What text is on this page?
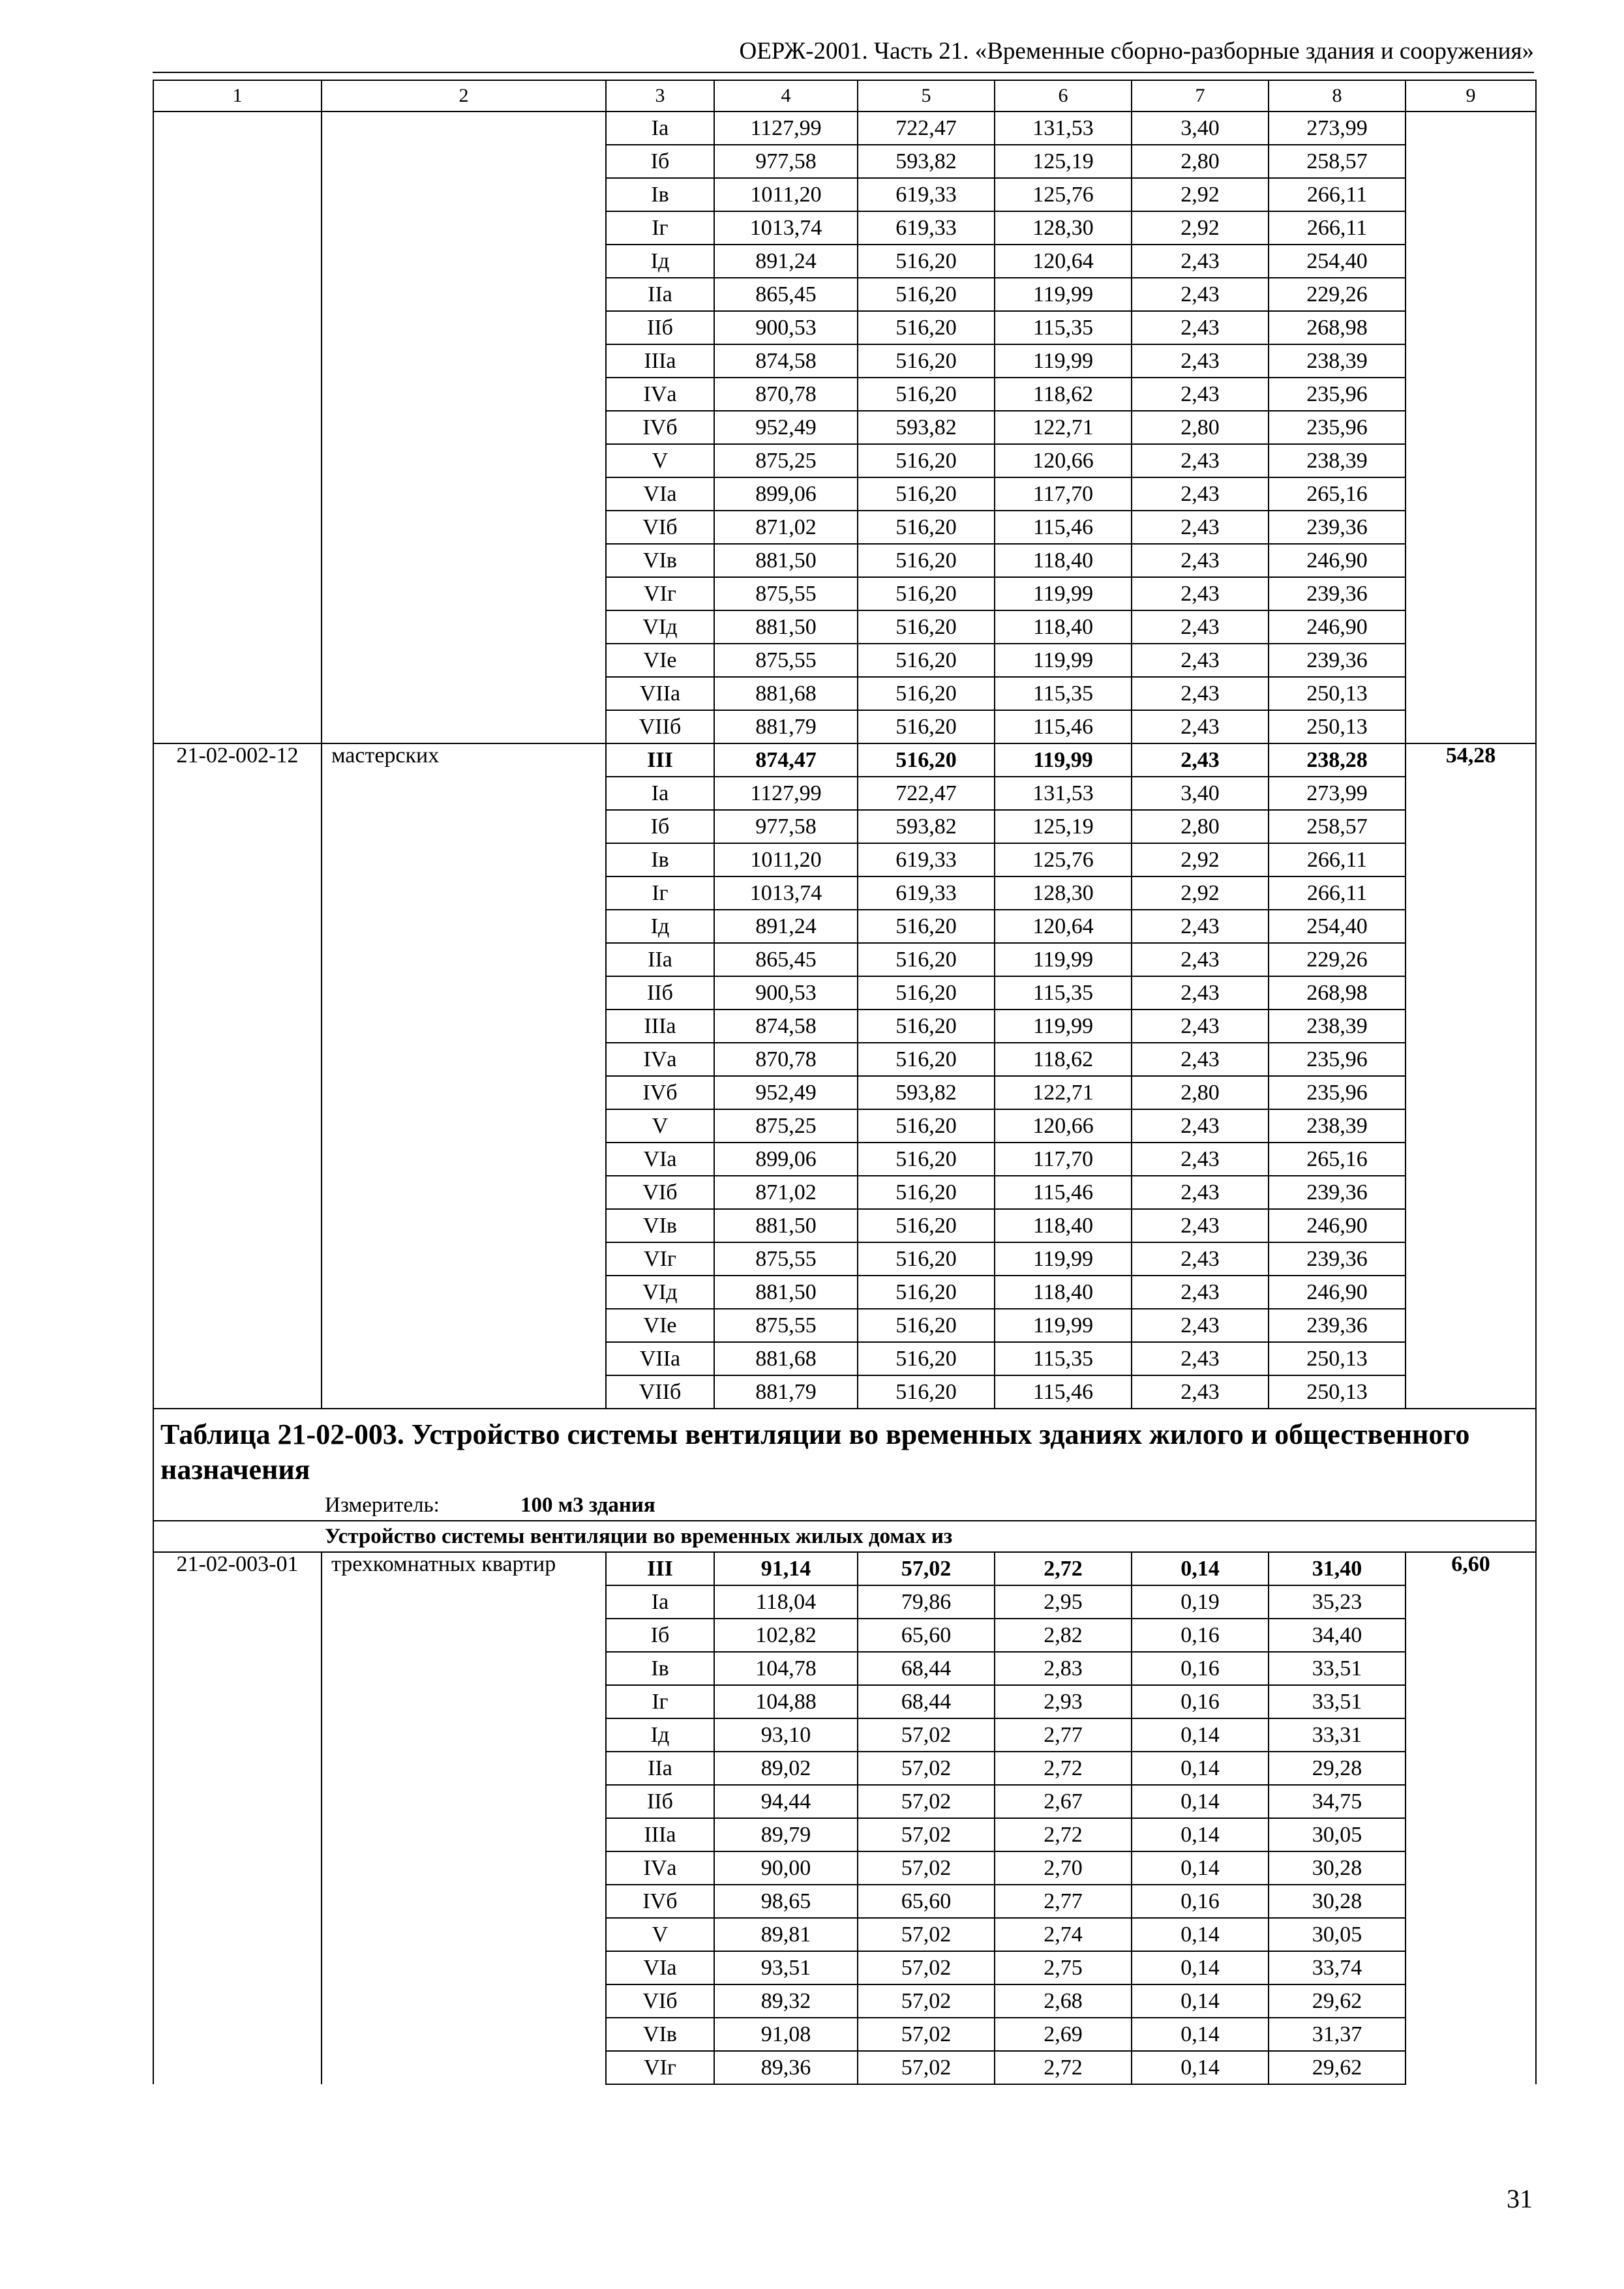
ОЕРЖ-2001. Часть 21. «Временные сборно-разборные здания и сооружения»
1	2	3	4	5	6	7	8	9
		Iа	1127,99	722,47	131,53	3,40	273,99	
		Iб	977,58	593,82	125,19	2,80	258,57	
		Iв	1011,20	619,33	125,76	2,92	266,11	
		Iг	1013,74	619,33	128,30	2,92	266,11	
		Iд	891,24	516,20	120,64	2,43	254,40	
		IIа	865,45	516,20	119,99	2,43	229,26	
		IIб	900,53	516,20	115,35	2,43	268,98	
		IIIа	874,58	516,20	119,99	2,43	238,39	
		IVа	870,78	516,20	118,62	2,43	235,96	
		IVб	952,49	593,82	122,71	2,80	235,96	
		V	875,25	516,20	120,66	2,43	238,39	
		VIа	899,06	516,20	117,70	2,43	265,16	
		VIб	871,02	516,20	115,46	2,43	239,36	
		VIв	881,50	516,20	118,40	2,43	246,90	
		VIг	875,55	516,20	119,99	2,43	239,36	
		VIд	881,50	516,20	118,40	2,43	246,90	
		VIе	875,55	516,20	119,99	2,43	239,36	
		VIIа	881,68	516,20	115,35	2,43	250,13	
		VIIб	881,79	516,20	115,46	2,43	250,13	
21-02-002-12	мастерских	III	874,47	516,20	119,99	2,43	238,28	54,28
		Iа	1127,99	722,47	131,53	3,40	273,99	
		Iб	977,58	593,82	125,19	2,80	258,57	
		Iв	1011,20	619,33	125,76	2,92	266,11	
		Iг	1013,74	619,33	128,30	2,92	266,11	
		Iд	891,24	516,20	120,64	2,43	254,40	
		IIа	865,45	516,20	119,99	2,43	229,26	
		IIб	900,53	516,20	115,35	2,43	268,98	
		IIIа	874,58	516,20	119,99	2,43	238,39	
		IVа	870,78	516,20	118,62	2,43	235,96	
		IVб	952,49	593,82	122,71	2,80	235,96	
		V	875,25	516,20	120,66	2,43	238,39	
		VIа	899,06	516,20	117,70	2,43	265,16	
		VIб	871,02	516,20	115,46	2,43	239,36	
		VIв	881,50	516,20	118,40	2,43	246,90	
		VIг	875,55	516,20	119,99	2,43	239,36	
		VIд	881,50	516,20	118,40	2,43	246,90	
		VIе	875,55	516,20	119,99	2,43	239,36	
		VIIа	881,68	516,20	115,35	2,43	250,13	
		VIIб	881,79	516,20	115,46	2,43	250,13	
Таблица 21-02-003. Устройство системы вентиляции во временных зданиях жилого и общественного назначения								
Измеритель: 100 м3 здания								
Устройство системы вентиляции во временных жилых домах из								
21-02-003-01	трехкомнатных квартир	III	91,14	57,02	2,72	0,14	31,40	6,60
		Iа	118,04	79,86	2,95	0,19	35,23	
		Iб	102,82	65,60	2,82	0,16	34,40	
		Iв	104,78	68,44	2,83	0,16	33,51	
		Iг	104,88	68,44	2,93	0,16	33,51	
		Iд	93,10	57,02	2,77	0,14	33,31	
		IIа	89,02	57,02	2,72	0,14	29,28	
		IIб	94,44	57,02	2,67	0,14	34,75	
		IIIа	89,79	57,02	2,72	0,14	30,05	
		IVа	90,00	57,02	2,70	0,14	30,28	
		IVб	98,65	65,60	2,77	0,16	30,28	
		V	89,81	57,02	2,74	0,14	30,05	
		VIа	93,51	57,02	2,75	0,14	33,74	
		VIб	89,32	57,02	2,68	0,14	29,62	
		VIв	91,08	57,02	2,69	0,14	31,37	
		VIг	89,36	57,02	2,72	0,14	29,62	
31
